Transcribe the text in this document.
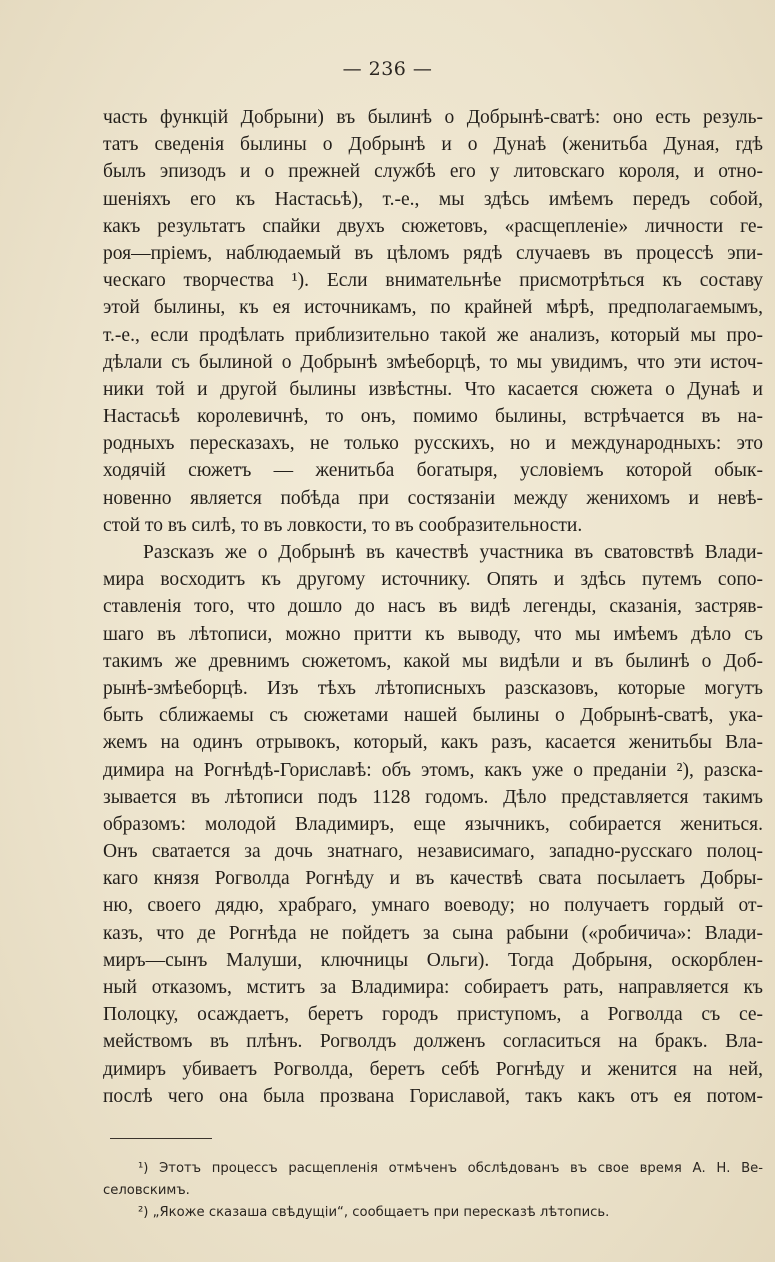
— 236 —
часть функцій Добрыни) въ былинѣ о Добрынѣ-сватѣ: оно есть резуль-
татъ сведенія былины о Добрынѣ и о Дунаѣ (женитьба Дуная, гдѣ
былъ эпизодъ и о прежней службѣ его у литовскаго короля, и отно-
шеніяхъ его къ Настасьѣ), т.-е., мы здѣсь имѣемъ передъ собой,
какъ результатъ спайки двухъ сюжетовъ, «расщепленіе» личности ге-
роя—пріемъ, наблюдаемый въ цѣломъ рядѣ случаевъ въ процессѣ эпи-
ческаго творчества ¹). Если внимательнѣе присмотрѣться къ составу
этой былины, къ ея источникамъ, по крайней мѣрѣ, предполагаемымъ,
т.-е., если продѣлать приблизительно такой же анализъ, который мы про-
дѣлали съ былиной о Добрынѣ змѣеборцѣ, то мы увидимъ, что эти источ-
ники той и другой былины извѣстны. Что касается сюжета о Дунаѣ и
Настасьѣ королевичнѣ, то онъ, помимо былины, встрѣчается въ на-
родныхъ пересказахъ, не только русскихъ, но и международныхъ: это
ходячій сюжетъ — женитьба богатыря, условіемъ которой обык-
новенно является побѣда при состязаніи между женихомъ и невѣ-
стой то въ силѣ, то въ ловкости, то въ сообразительности.
Разсказъ же о Добрынѣ въ качествѣ участника въ сватовствѣ Влади-
мира восходитъ къ другому источнику. Опять и здѣсь путемъ сопо-
ставленія того, что дошло до насъ въ видѣ легенды, сказанія, застряв-
шаго въ лѣтописи, можно притти къ выводу, что мы имѣемъ дѣло съ
такимъ же древнимъ сюжетомъ, какой мы видѣли и въ былинѣ о Доб-
рынѣ-змѣеборцѣ. Изъ тѣхъ лѣтописныхъ разсказовъ, которые могутъ
быть сближаемы съ сюжетами нашей былины о Добрынѣ-сватѣ, ука-
жемъ на одинъ отрывокъ, который, какъ разъ, касается женитьбы Вла-
димира на Рогнѣдѣ-Гориславѣ: объ этомъ, какъ уже о преданіи ²), разска-
зывается въ лѣтописи подъ 1128 годомъ. Дѣло представляется такимъ
образомъ: молодой Владимиръ, еще язычникъ, собирается жениться.
Онъ сватается за дочь знатнаго, независимаго, западно-русскаго полоц-
каго князя Рогволда Рогнѣду и въ качествѣ свата посылаетъ Добры-
ню, своего дядю, храбраго, умнаго воеводу; но получаетъ гордый от-
казъ, что де Рогнѣда не пойдетъ за сына рабыни («робичича»: Влади-
миръ—сынъ Малуши, ключницы Ольги). Тогда Добрыня, оскорблен-
ный отказомъ, мститъ за Владимира: собираетъ рать, направляется къ
Полоцку, осаждаетъ, беретъ городъ приступомъ, а Рогволда съ се-
мействомъ въ плѣнъ. Рогволдъ долженъ согласиться на бракъ. Вла-
димиръ убиваетъ Рогволда, беретъ себѣ Рогнѣду и женится на ней,
послѣ чего она была прозвана Гориславой, такъ какъ отъ ея потом-
¹) Этотъ процессъ расщепленія отмѣченъ обслѣдованъ въ свое время А. Н. Ве-
селовскимъ.
²) „Якоже сказаша свѣдущіи“, сообщаетъ при пересказѣ лѣтопись.
